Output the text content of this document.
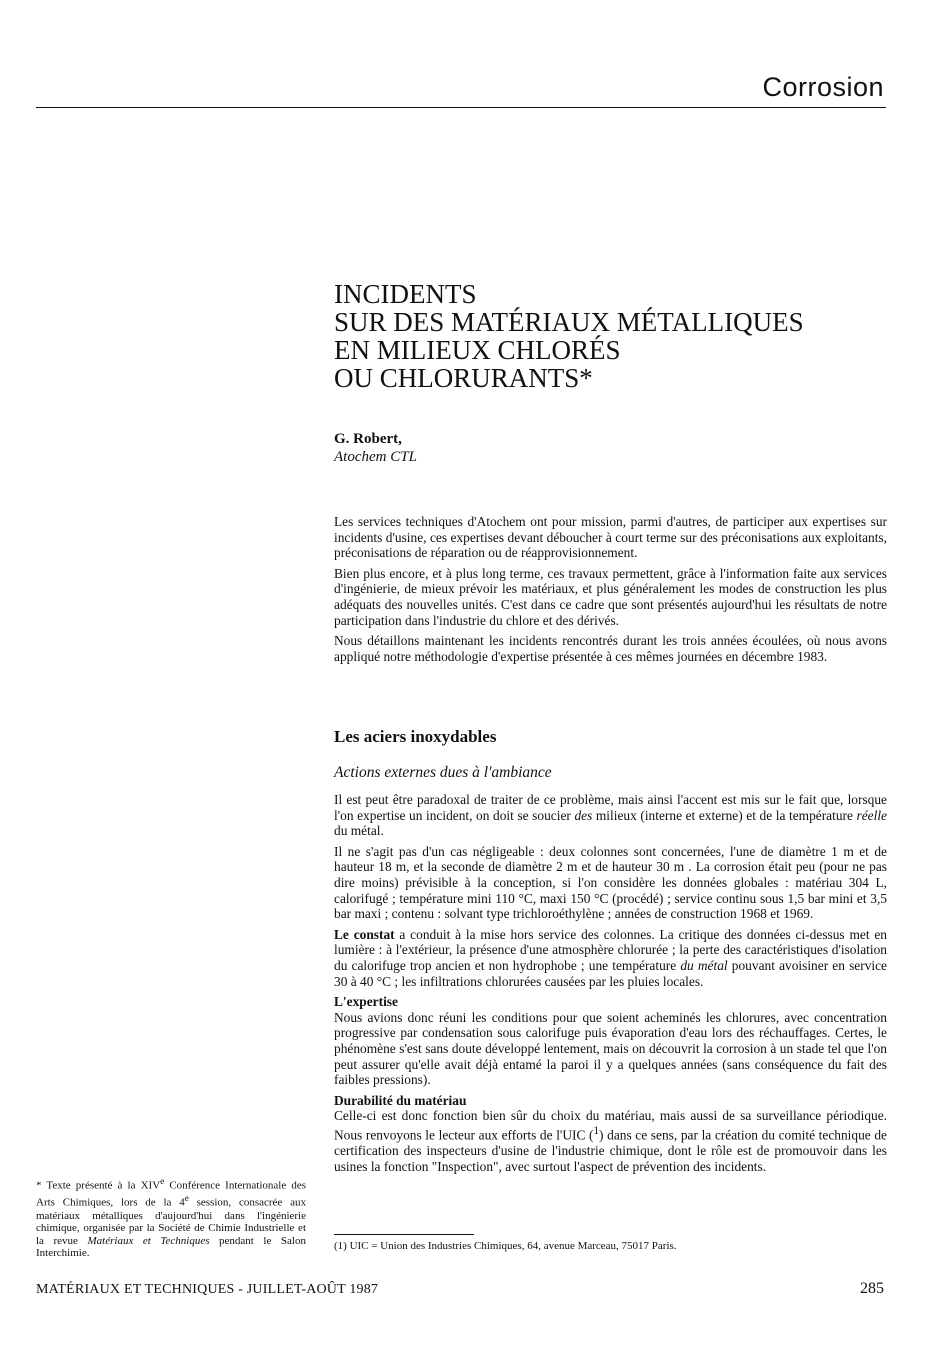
Corrosion
INCIDENTS
SUR DES MATÉRIAUX MÉTALLIQUES
EN MILIEUX CHLORÉS
OU CHLORURANTS*
G. Robert,
Atochem CTL

Les services techniques d'Atochem ont pour mission, parmi d'autres, de participer aux expertises sur incidents d'usine, ces expertises devant déboucher à court terme sur des préconisations aux exploitants, préconisations de réparation ou de réapprovisionnement.

Bien plus encore, et à plus long terme, ces travaux permettent, grâce à l'information faite aux services d'ingénierie, de mieux prévoir les matériaux, et plus généralement les modes de construction les plus adéquats des nouvelles unités. C'est dans ce cadre que sont présentés aujourd'hui les résultats de notre participation dans l'industrie du chlore et des dérivés.

Nous détaillons maintenant les incidents rencontrés durant les trois années écoulées, où nous avons appliqué notre méthodologie d'expertise présentée à ces mêmes journées en décembre 1983.

Les aciers inoxydables
Actions externes dues à l'ambiance

Il est peut être paradoxal de traiter de ce problème, mais ainsi l'accent est mis sur le fait que, lorsque l'on expertise un incident, on doit se soucier des milieux (interne et externe) et de la température réelle du métal.

Il ne s'agit pas d'un cas négligeable : deux colonnes sont concernées, l'une de diamètre 1 m et de hauteur 18 m, et la seconde de diamètre 2 m et de hauteur 30 m . La corrosion était peu (pour ne pas dire moins) prévisible à la conception, si l'on considère les données globales : matériau 304 L, calorifugé ; température mini 110 °C, maxi 150 °C (procédé) ; service continu sous 1,5 bar mini et 3,5 bar maxi ; contenu : solvant type trichloroéthylène ; années de construction 1968 et 1969.

Le constat a conduit à la mise hors service des colonnes. La critique des données ci-dessus met en lumière : à l'extérieur, la présence d'une atmosphère chlorurée ; la perte des caractéristiques d'isolation du calorifuge trop ancien et non hydrophobe ; une température du métal pouvant avoisiner en service 30 à 40 °C ; les infiltrations chlorurées causées par les pluies locales.

L'expertise
Nous avions donc réuni les conditions pour que soient acheminés les chlorures, avec concentration progressive par condensation sous calorifuge puis évaporation d'eau lors des réchauffages. Certes, le phénomène s'est sans doute développé lentement, mais on découvrit la corrosion à un stade tel que l'on peut assurer qu'elle avait déjà entamé la paroi il y a quelques années (sans conséquence du fait des faibles pressions).

Durabilité du matériau
Celle-ci est donc fonction bien sûr du choix du matériau, mais aussi de sa surveillance périodique. Nous renvoyons le lecteur aux efforts de l'UIC ($^1$) dans ce sens, par la création du comité technique de certification des inspecteurs d'usine de l'industrie chimique, dont le rôle est de promouvoir dans les usines la fonction "Inspection", avec surtout l'aspect de prévention des incidents.

(1) UIC = Union des Industries Chimiques, 64, avenue Marceau, 75017 Paris.
* Texte présenté à la XIVe Conférence Internationale des Arts Chimiques, lors de la 4e session, consacrée aux matériaux métalliques d'aujourd'hui dans l'ingénierie chimique, organisée par la Société de Chimie Industrielle et la revue Matériaux et Techniques pendant le Salon Interchimie.
MATÉRIAUX ET TECHNIQUES - JUILLET-AOÛT 1987	285
